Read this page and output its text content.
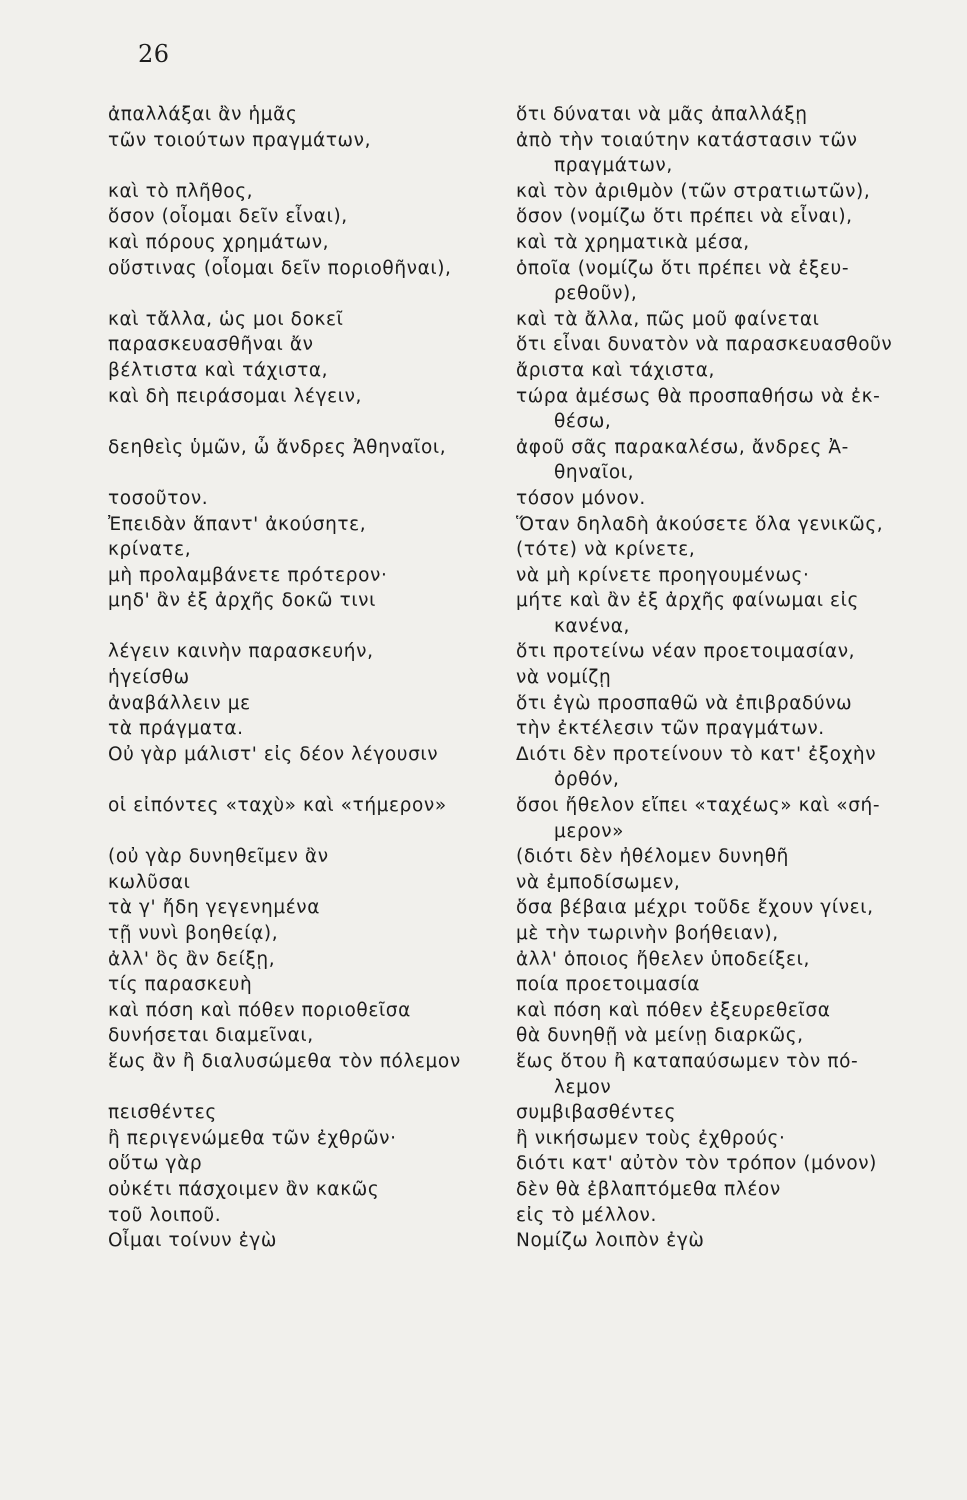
26
ἀπαλλάξαι ἂν ἡμᾶς
τῶν τοιούτων πραγμάτων,
καὶ τὸ πλῆθος,
ὅσον (οἶομαι δεῖν εἶναι),
καὶ πόρους χρημάτων,
οὕστινας (οἶομαι δεῖν ποριοθῆναι),
καὶ τἄλλα, ὡς μοι δοκεῖ
παρασκευασθῆναι ἄν
βέλτιστα καὶ τάχιστα,
καὶ δὴ πειράσομαι λέγειν,
δεηθεὶς ὑμῶν, ὦ ἄνδρες Ἀθηναῖοι,
τοσοῦτον.
Ἐπειδὰν ἅπαντ' ἀκούσητε,
κρίνατε,
μὴ προλαμβάνετε πρότερον·
μηδ' ἂν ἐξ ἀρχῆς δοκῶ τινι
λέγειν καινὴν παρασκευήν,
ἡγείσθω
ἀναβάλλειν με
τὰ πράγματα.
Οὐ γὰρ μάλιστ' εἰς δέον λέγουσιν
οἱ εἰπόντες «ταχὺ» καὶ «τήμερον»
(οὐ γὰρ δυνηθεῖμεν ἂν
κωλῦσαι
τὰ γ' ἤδη γεγενημένα
τῇ νυνὶ βοηθείᾳ),
ἀλλ' ὃς ἂν δείξῃ,
τίς παρασκευὴ
καὶ πόση καὶ πόθεν ποριοθεῖσα
δυνήσεται διαμεῖναι,
ἕως ἂν ἢ διαλυσώμεθα τὸν πόλεμον
πεισθέντες
ἢ περιγενώμεθα τῶν ἐχθρῶν·
οὕτω γὰρ
οὐκέτι πάσχοιμεν ἂν κακῶς
τοῦ λοιποῦ.
Οἶμαι τοίνυν ἐγὼ
ὅτι δύναται νὰ μᾶς ἀπαλλάξῃ
ἀπὸ τὴν τοιαύτην κατάστασιν τῶν
πραγμάτων,
καὶ τὸν ἀριθμὸν (τῶν στρατιωτῶν),
ὅσον (νομίζω ὅτι πρέπει νὰ εἶναι),
καὶ τὰ χρηματικὰ μέσα,
ὁποῖα (νομίζω ὅτι πρέπει νὰ ἐξευ-
ρεθοῦν),
καὶ τὰ ἄλλα, πῶς μοῦ φαίνεται
ὅτι εἶναι δυνατὸν νὰ παρασκευασθοῦν
ἄριστα καὶ τάχιστα,
τώρα ἀμέσως θὰ προσπαθήσω νὰ ἐκ-
θέσω,
ἀφοῦ σᾶς παρακαλέσω, ἄνδρες Ἀ-
θηναῖοι,
τόσον μόνον.
Ὅταν δηλαδὴ ἀκούσετε ὅλα γενικῶς,
(τότε) νὰ κρίνετε,
νὰ μὴ κρίνετε προηγουμένως·
μήτε καὶ ἂν ἐξ ἀρχῆς φαίνωμαι εἰς
κανένα,
ὅτι προτείνω νέαν προετοιμασίαν,
νὰ νομίζῃ
ὅτι ἐγὼ προσπαθῶ νὰ ἐπιβραδύνω
τὴν ἐκτέλεσιν τῶν πραγμάτων.
Διότι δὲν προτείνουν τὸ κατ' ἐξοχὴν
ὀρθόν,
ὅσοι ἤθελον εἴπει «ταχέως» καὶ «σή-
μερον»
(διότι δὲν ἠθέλομεν δυνηθῆ
νὰ ἐμποδίσωμεν,
ὅσα βέβαια μέχρι τοῦδε ἔχουν γίνει,
μὲ τὴν τωρινὴν βοήθειαν),
ἀλλ' ὁποιος ἤθελεν ὑποδείξει,
ποία προετοιμασία
καὶ πόση καὶ πόθεν ἐξευρεθεῖσα
θὰ δυνηθῇ νὰ μείνῃ διαρκῶς,
ἕως ὅτου ἢ καταπαύσωμεν τὸν πό-
λεμον
συμβιβασθέντες
ἢ νικήσωμεν τοὺς ἐχθρούς·
διότι κατ' αὐτὸν τὸν τρόπον (μόνον)
δὲν θὰ ἐβλαπτόμεθα πλέον
εἰς τὸ μέλλον.
Νομίζω λοιπὸν ἐγὼ
